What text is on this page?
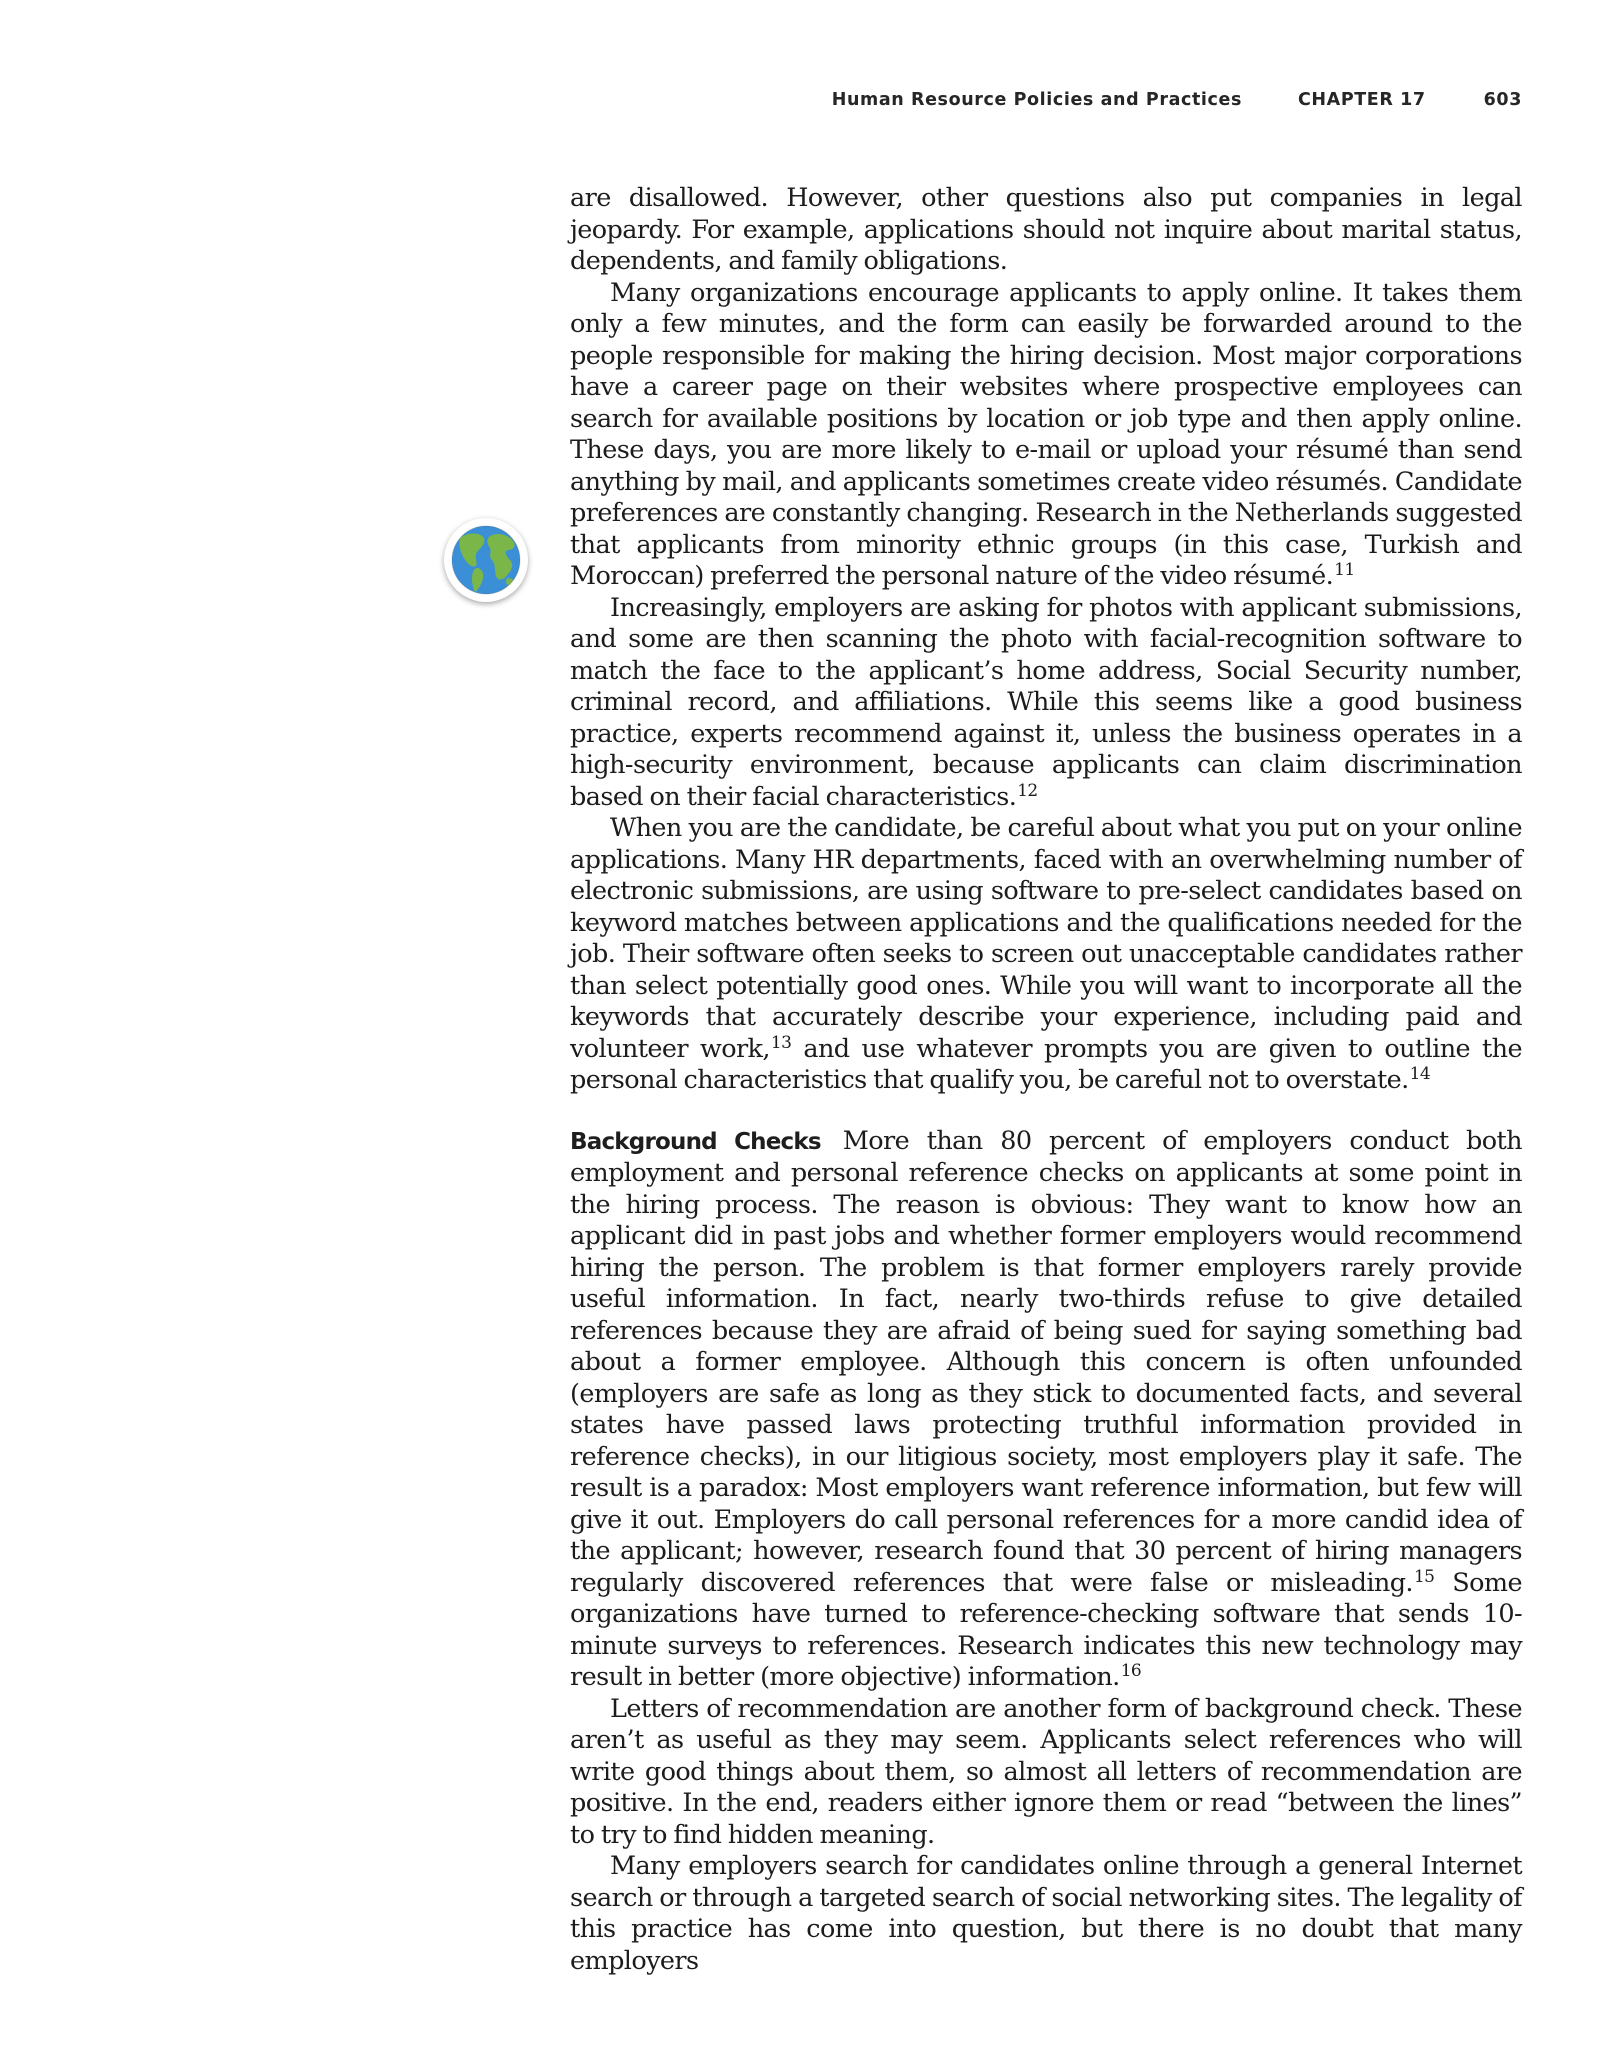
Human Resource Policies and Practices	CHAPTER 17	603

are disallowed. However, other questions also put companies in legal jeopardy. For example, applications should not inquire about marital status, dependents, and family obligations.

Many organizations encourage applicants to apply online. It takes them only a few minutes, and the form can easily be forwarded around to the people responsible for making the hiring decision. Most major corporations have a career page on their websites where prospective employees can search for available positions by location or job type and then apply online. These days, you are more likely to e-mail or upload your résumé than send anything by mail, and applicants sometimes create video résumés. Candidate preferences are constantly changing. Research in the Netherlands suggested that applicants from minority ethnic groups (in this case, Turkish and Moroccan) preferred the personal nature of the video résumé.$^{11}$

Increasingly, employers are asking for photos with applicant submissions, and some are then scanning the photo with facial-recognition software to match the face to the applicant’s home address, Social Security number, criminal record, and affiliations. While this seems like a good business practice, experts recommend against it, unless the business operates in a high-security environment, because applicants can claim discrimination based on their facial characteristics.$^{12}$

When you are the candidate, be careful about what you put on your online applications. Many HR departments, faced with an overwhelming number of electronic submissions, are using software to pre-select candidates based on keyword matches between applications and the qualifications needed for the job. Their software often seeks to screen out unacceptable candidates rather than select potentially good ones. While you will want to incorporate all the keywords that accurately describe your experience, including paid and volunteer work,$^{13}$ and use whatever prompts you are given to outline the personal characteristics that qualify you, be careful not to overstate.$^{14}$

Background Checks More than 80 percent of employers conduct both employment and personal reference checks on applicants at some point in the hiring process. The reason is obvious: They want to know how an applicant did in past jobs and whether former employers would recommend hiring the person. The problem is that former employers rarely provide useful information. In fact, nearly two-thirds refuse to give detailed references because they are afraid of being sued for saying something bad about a former employee. Although this concern is often unfounded (employers are safe as long as they stick to documented facts, and several states have passed laws protecting truthful information provided in reference checks), in our litigious society, most employers play it safe. The result is a paradox: Most employers want reference information, but few will give it out. Employers do call personal references for a more candid idea of the applicant; however, research found that 30 percent of hiring managers regularly discovered references that were false or misleading.$^{15}$ Some organizations have turned to reference-checking software that sends 10-minute surveys to references. Research indicates this new technology may result in better (more objective) information.$^{16}$

Letters of recommendation are another form of background check. These aren’t as useful as they may seem. Applicants select references who will write good things about them, so almost all letters of recommendation are positive. In the end, readers either ignore them or read “between the lines” to try to find hidden meaning.

Many employers search for candidates online through a general Internet search or through a targeted search of social networking sites. The legality of this practice has come into question, but there is no doubt that many employers
